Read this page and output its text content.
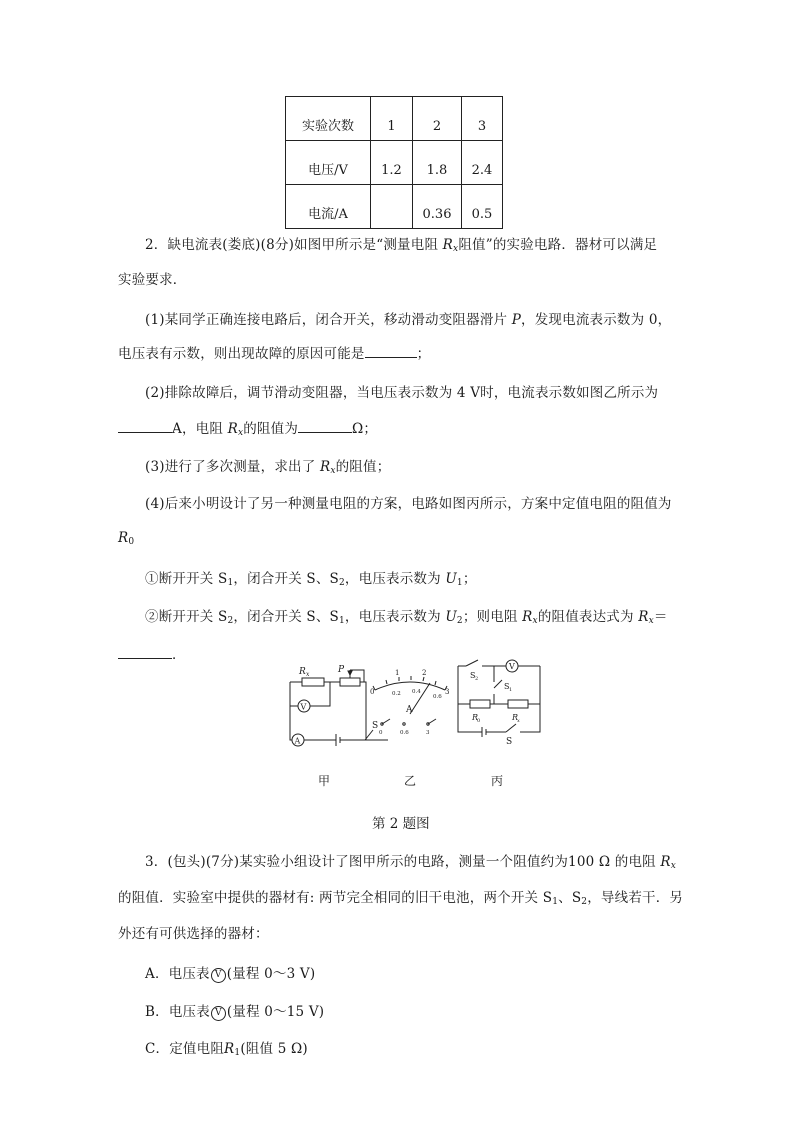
实验次数	1	2	3
电压/V	1.2	1.8	2.4
电流/A		0.36	0.5
2．缺电流表(娄底)(8分)如图甲所示是“测量电阻 $R_x$阻值”的实验电路．器材可以满足
实验要求．
(1)某同学正确连接电路后，闭合开关，移动滑动变阻器滑片 P，发现电流表示数为 0，
电压表有示数，则出现故障的原因可能是	；
(2)排除故障后，调节滑动变阻器，当电压表示数为 4 V时，电流表示数如图乙所示为
A，电阻 $R_x$的阻值为	Ω；
(3)进行了多次测量，求出了 $R_x$的阻值；
(4)后来小明设计了另一种测量电阻的方案，电路如图丙所示，方案中定值电阻的阻值为
$R_0$
①断开开关 $S_1$，闭合开关 S、$S_2$，电压表示数为 $U_1$；
②断开开关 $S_2$，闭合开关 S、$S_1$，电压表示数为 $U_2$；则电阻 $R_x$的阻值表达式为 $R_x=$
．
R x	P
V
A
S
0
1	2
3
0.2 0.4
0.6
A
0	0.6	3
S 2
V
S 1
R
0	R
x
S
甲	乙	丙
第 2 题图
3．(包头)(7分)某实验小组设计了图甲所示的电路，测量一个阻值约为100 Ω 的电阻 $R_x$
的阻值．实验室中提供的器材有: 两节完全相同的旧干电池，两个开关 $S_1$、$S_2$，导线若干．另
外还有可供选择的器材：
A．电压表 V (量程 0～3 V)
B．电压表 V (量程 0～15 V)
C．定值电阻$R_1$(阻值 5 Ω)
